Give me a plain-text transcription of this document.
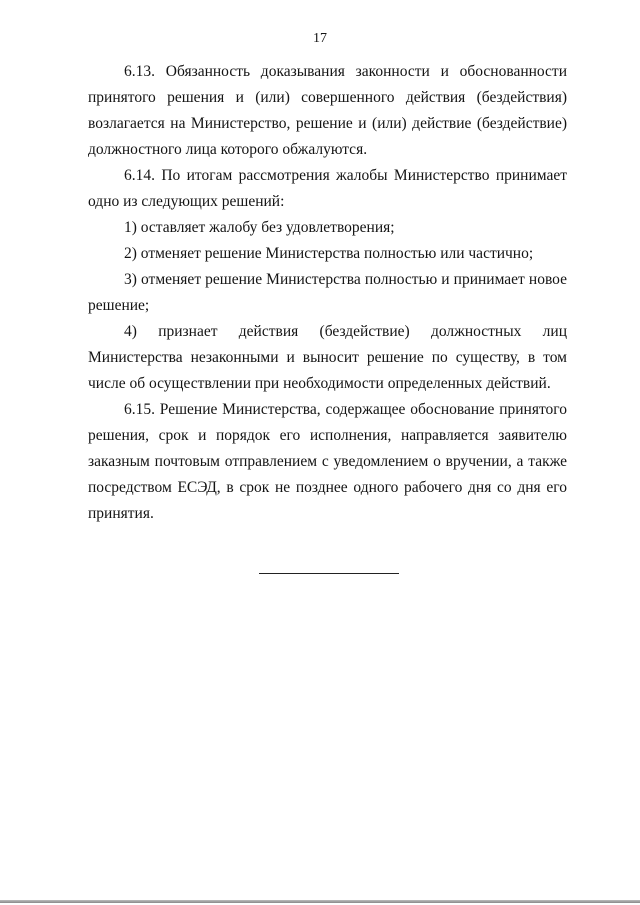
17

6.13. Обязанность доказывания законности и обоснованности принятого решения и (или) совершенного действия (бездействия) возлагается на Министерство, решение и (или) действие (бездействие) должностного лица которого обжалуются.

6.14. По итогам рассмотрения жалобы Министерство принимает одно из следующих решений:

1) оставляет жалобу без удовлетворения;

2) отменяет решение Министерства полностью или частично;

3) отменяет решение Министерства полностью и принимает новое решение;

4) признает действия (бездействие) должностных лиц Министерства незаконными и выносит решение по существу, в том числе об осуществлении при необходимости определенных действий.

6.15. Решение Министерства, содержащее обоснование принятого решения, срок и порядок его исполнения, направляется заявителю заказным почтовым отправлением с уведомлением о вручении, а также посредством ЕСЭД, в срок не позднее одного рабочего дня со дня его принятия.
